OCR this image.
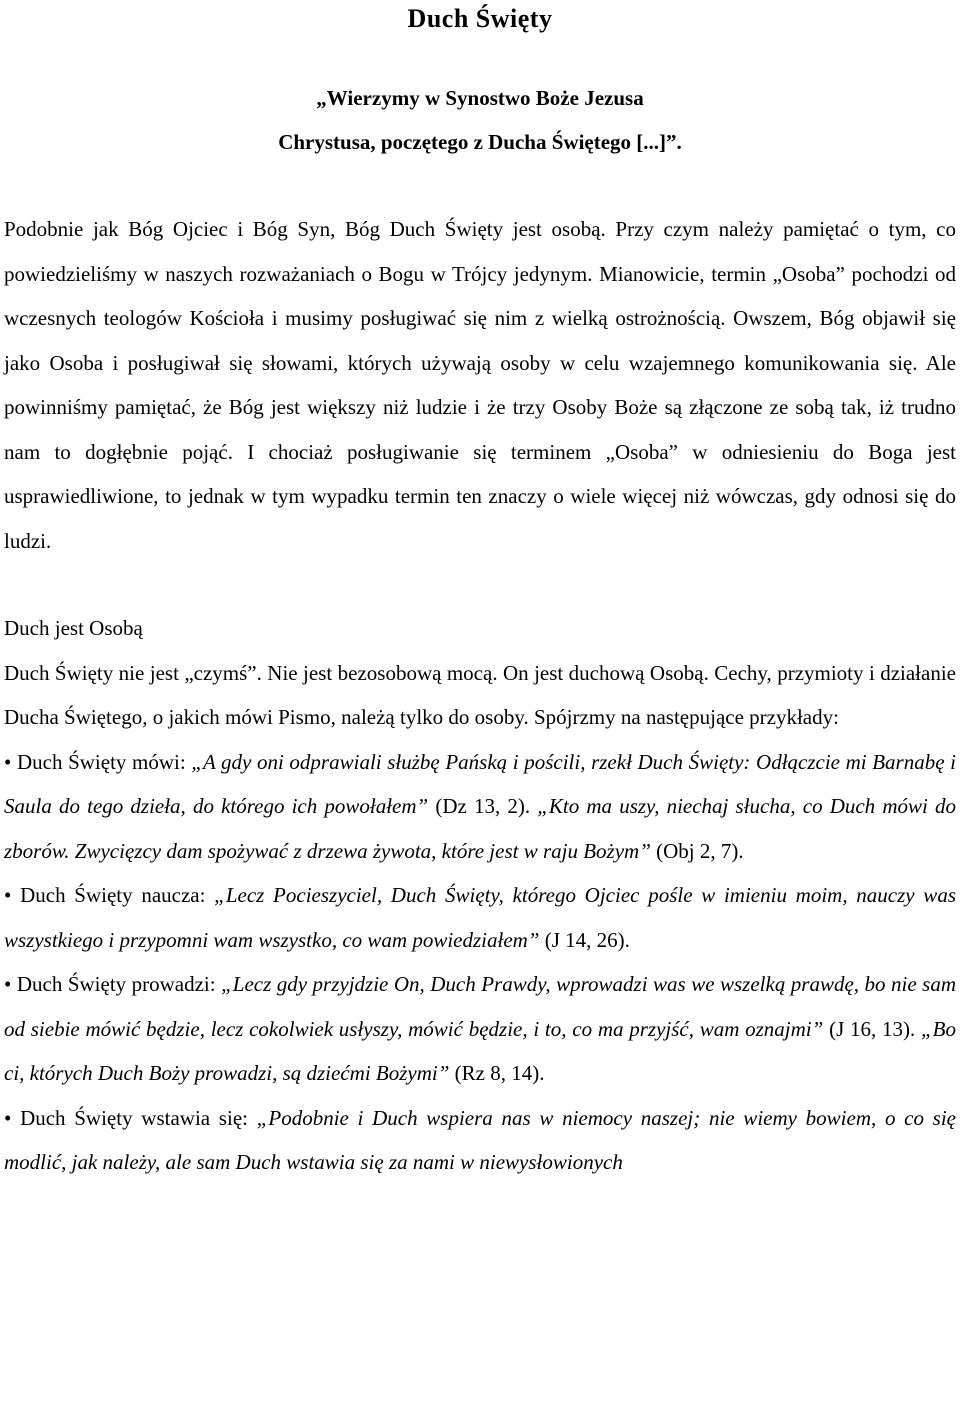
Duch Święty
„Wierzymy w Synostwo Boże Jezusa
Chrystusa, poczętego z Ducha Świętego [...]”.

Podobnie jak Bóg Ojciec i Bóg Syn, Bóg Duch Święty jest osobą. Przy czym należy pamiętać o tym, co powiedzieliśmy w naszych rozważaniach o Bogu w Trójcy jedynym. Mianowicie, termin „Osoba” pochodzi od wczesnych teologów Kościoła i musimy posługiwać się nim z wielką ostrożnością. Owszem, Bóg objawił się jako Osoba i posługiwał się słowami, których używają osoby w celu wzajemnego komunikowania się. Ale powinniśmy pamiętać, że Bóg jest większy niż ludzie i że trzy Osoby Boże są złączone ze sobą tak, iż trudno nam to dogłębnie pojąć. I chociaż posługiwanie się terminem „Osoba” w odniesieniu do Boga jest usprawiedliwione, to jednak w tym wypadku termin ten znaczy o wiele więcej niż wówczas, gdy odnosi się do ludzi.

Duch jest Osobą

Duch Święty nie jest „czymś”. Nie jest bezosobową mocą. On jest duchową Osobą. Cechy, przymioty i działanie Ducha Świętego, o jakich mówi Pismo, należą tylko do osoby. Spójrzmy na następujące przykłady:

• Duch Święty mówi: „A gdy oni odprawiali służbę Pańską i pościli, rzekł Duch Święty: Odłączcie mi Barnabę i Saula do tego dzieła, do którego ich powołałem” (Dz 13, 2). „Kto ma uszy, niechaj słucha, co Duch mówi do zborów. Zwycięzcy dam spożywać z drzewa żywota, które jest w raju Bożym” (Obj 2, 7).

• Duch Święty naucza: „Lecz Pocieszyciel, Duch Święty, którego Ojciec pośle w imieniu moim, nauczy was wszystkiego i przypomni wam wszystko, co wam powiedziałem” (J 14, 26).

• Duch Święty prowadzi: „Lecz gdy przyjdzie On, Duch Prawdy, wprowadzi was we wszelką prawdę, bo nie sam od siebie mówić będzie, lecz cokolwiek usłyszy, mówić będzie, i to, co ma przyjść, wam oznajmi” (J 16, 13). „Bo ci, których Duch Boży prowadzi, są dziećmi Bożymi” (Rz 8, 14).

• Duch Święty wstawia się: „Podobnie i Duch wspiera nas w niemocy naszej; nie wiemy bowiem, o co się modlić, jak należy, ale sam Duch wstawia się za nami w niewysłowionych
